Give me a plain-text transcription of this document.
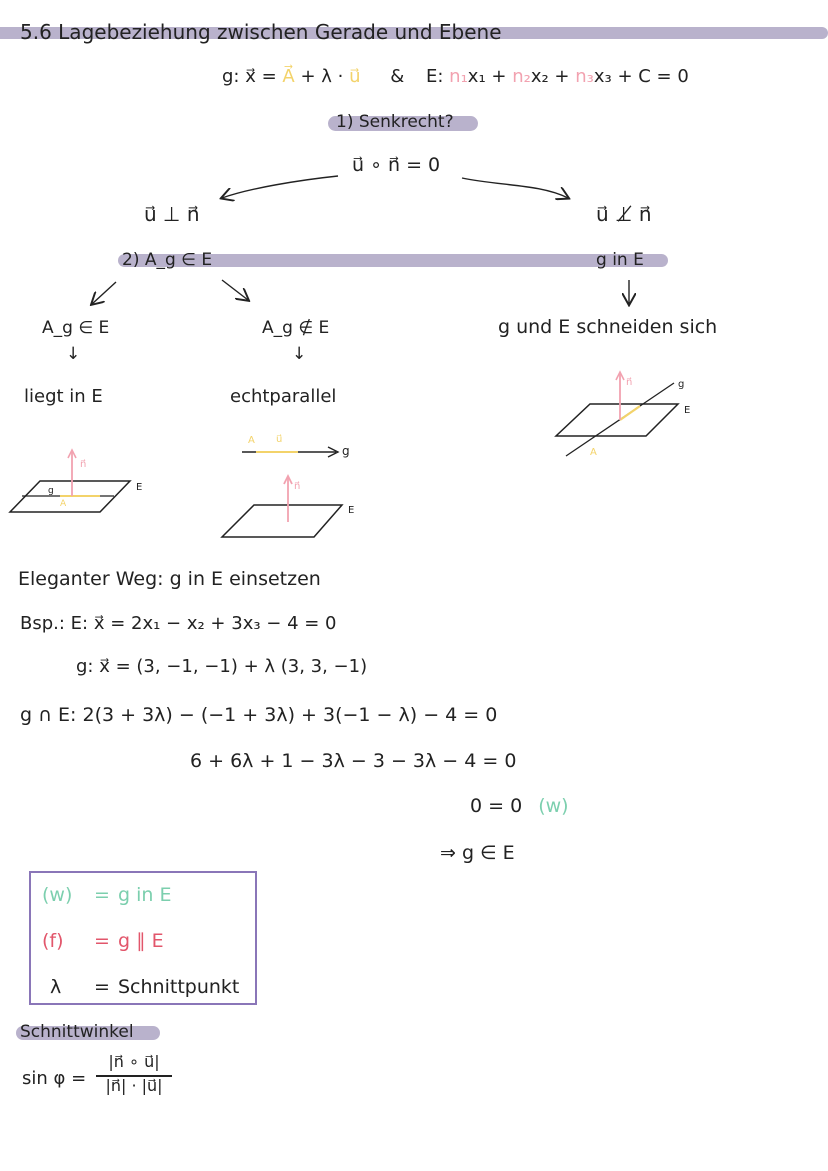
5.6 Lagebeziehung zwischen Gerade und Ebene
g: x⃗ = A⃗ + λ · u⃗ & E: n₁x₁ + n₂x₂ + n₃x₃ + C = 0
1) Senkrecht?
u⃗ ∘ n⃗ = 0
u⃗ ⊥ n⃗	u⃗ ⊥̸ n⃗
2) A_g ∈ E	g in E
A_g ∈ E
↓
A_g ∉ E
↓
g und E schneiden sich
liegt in E	echtparallel
E
n⃗
g
A
g
A u⃗
n⃗
E
g
E
n⃗
A
Eleganter Weg: g in E einsetzen
Bsp.: E: x⃗ = 2x₁ − x₂ + 3x₃ − 4 = 0
g: x⃗ = (3, −1, −1) + λ (3, 3, −1)
g ∩ E: 2(3 + 3λ) − (−1 + 3λ) + 3(−1 − λ) − 4 = 0
6 + 6λ + 1 − 3λ − 3 − 3λ − 4 = 0
0 = 0 (w)
⇒ g ∈ E
(w) = g in E
(f) = g ∥ E
λ = Schnittpunkt
Schnittwinkel
sin φ =
|n⃗ ∘ u⃗|
|n⃗| · |u⃗|
